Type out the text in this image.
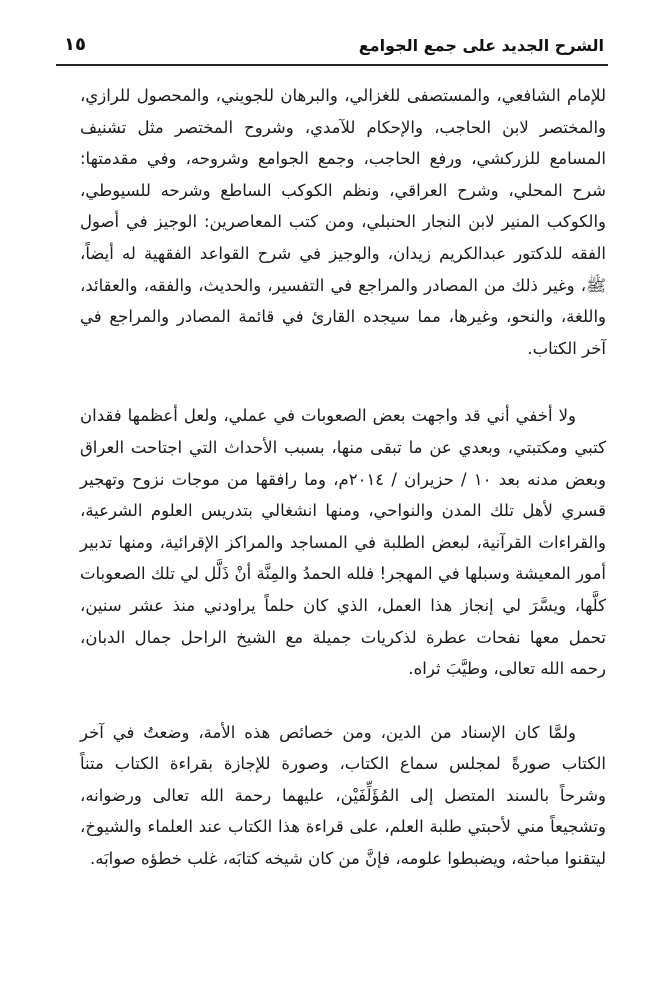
الشرح الجديد على جمع الجوامع
١٥

للإمام الشافعي، والمستصفى للغزالي، والبرهان للجويني، والمحصول للرازي، والمختصر لابن الحاجب، والإحكام للآمدي، وشروح المختصر مثل تشنيف المسامع للزركشي، ورفع الحاجب، وجمع الجوامع وشروحه، وفي مقدمتها: شرح المحلي، وشرح العراقي، ونظم الكوكب الساطع وشرحه للسيوطي، والكوكب المنير لابن النجار الحنبلي، ومن كتب المعاصرين: الوجيز في أصول الفقه للدكتور عبدالكريم زيدان، والوجيز في شرح القواعد الفقهية له أيضاً، ﷺ، وغير ذلك من المصادر والمراجع في التفسير، والحديث، والفقه، والعقائد، واللغة، والنحو، وغيرها، مما سيجده القارئ في قائمة المصادر والمراجع في آخر الكتاب.

ولا أخفي أني قد واجهت بعض الصعوبات في عملي، ولعل أعظمها فقدان كتبي ومكتبتي، وبعدي عن ما تبقى منها، بسبب الأحداث التي اجتاحت العراق وبعض مدنه بعد ١٠ / حزيران / ٢٠١٤م، وما رافقها من موجات نزوح وتهجير قسري لأهل تلك المدن والنواحي، ومنها انشغالي بتدريس العلوم الشرعية، والقراءات القرآنية، لبعض الطلبة في المساجد والمراكز الإقرائية، ومنها تدبير أمور المعيشة وسبلها في المهجر! فلله الحمدُ والمِنَّة أنْ ذَلَّل لي تلك الصعوبات كلَّها، ويسَّرَ لي إنجاز هذا العمل، الذي كان حلماً يراودني منذ عشر سنين، تحمل معها نفحات عطرة لذكريات جميلة مع الشيخ الراحل جمال الدبان، رحمه الله تعالى، وطيَّبَ ثراه.

ولمَّا كان الإسناد من الدين، ومن خصائص هذه الأمة، وضعتُ في آخر الكتاب صورةً لمجلس سماع الكتاب، وصورة للإجازة بقراءة الكتاب متناً وشرحاً بالسند المتصل إلى المُؤَلِّفَيْن، عليهما رحمة الله تعالى ورضوانه، وتشجيعاً مني لأحبتي طلبة العلم، على قراءة هذا الكتاب عند العلماء والشيوخ، ليتقنوا مباحثه، ويضبطوا علومه، فإنَّ من كان شيخه كتابَه، غلب خطؤه صوابَه.
